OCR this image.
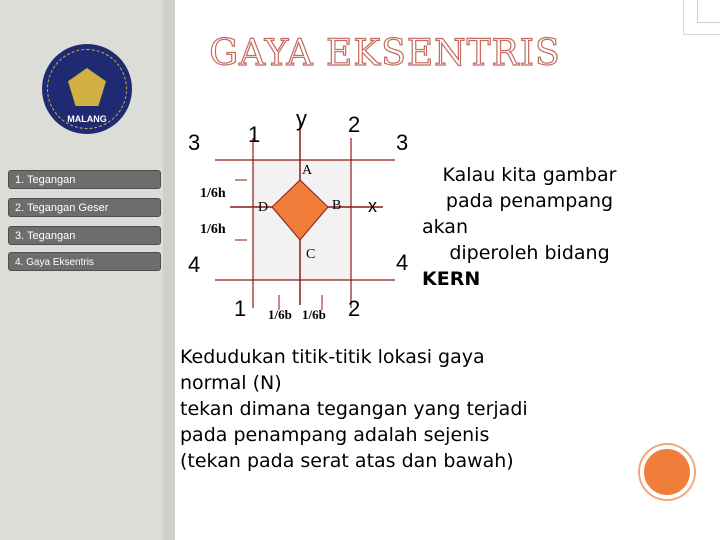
MALANG
1. Tegangan
2. Tegangan Geser
3. Tegangan
4. Gaya Eksentris
GAYA EKSENTRIS
y
x
3 1	2
3
4	4
1	2
A
B
C
D
1/6h
1/6h
1/6b 1/6b
Kalau kita gambar
pada penampang
akan
diperoleh bidang
KERN
Kedudukan titik-titik lokasi gaya
normal (N)
tekan dimana tegangan yang terjadi
pada penampang adalah sejenis
(tekan pada serat atas dan bawah)
